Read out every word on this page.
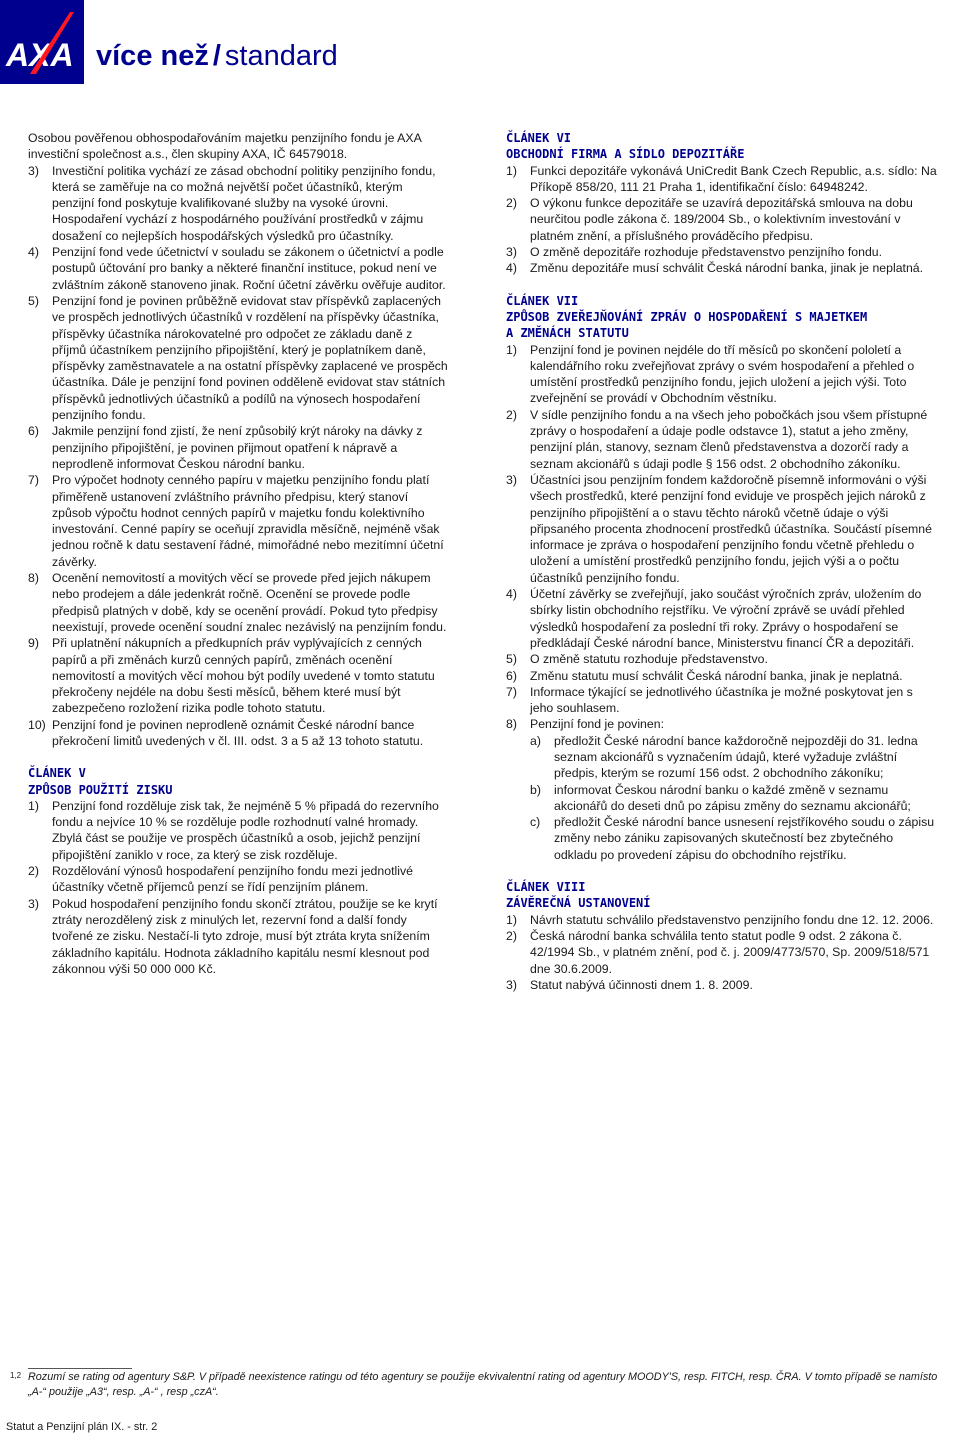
AXA více než / standard

Osobou pověřenou obhospodařováním majetku penzijního fondu je AXA investiční společnost a.s., člen skupiny AXA, IČ 64579018.

3)	Investiční politika vychází ze zásad obchodní politiky penzijního fondu, která se zaměřuje na co možná největší počet účastníků, kterým penzijní fond poskytuje kvalifikované služby na vysoké úrovni. Hospodaření vychází z hospodárného používání prostředků v zájmu dosažení co nejlepších hospodářských výsledků pro účastníky.
4)	Penzijní fond vede účetnictví v souladu se zákonem o účetnictví a podle postupů účtování pro banky a některé finanční instituce, pokud není ve zvláštním zákoně stanoveno jinak. Roční účetní závěrku ověřuje auditor.
5)	Penzijní fond je povinen průběžně evidovat stav příspěvků zaplacených ve prospěch jednotlivých účastníků v rozdělení na příspěvky účastníka, příspěvky účastníka nárokovatelné pro odpočet ze základu daně z příjmů účastníkem penzijního připojištění, který je poplatníkem daně, příspěvky zaměstnavatele a na ostatní příspěvky zaplacené ve prospěch účastníka. Dále je penzijní fond povinen odděleně evidovat stav státních příspěvků jednotlivých účastníků a podílů na výnosech hospodaření penzijního fondu.
6)	Jakmile penzijní fond zjistí, že není způsobilý krýt nároky na dávky z penzijního připojištění, je povinen přijmout opatření k nápravě a neprodleně informovat Českou národní banku.
7)	Pro výpočet hodnoty cenného papíru v majetku penzijního fondu platí přiměřeně ustanovení zvláštního právního předpisu, který stanoví způsob výpočtu hodnot cenných papírů v majetku fondu kolektivního investování. Cenné papíry se oceňují zpravidla měsíčně, nejméně však jednou ročně k datu sestavení řádné, mimořádné nebo mezitímní účetní závěrky.
8)	Ocenění nemovitostí a movitých věcí se provede před jejich nákupem nebo prodejem a dále jedenkrát ročně. Ocenění se provede podle předpisů platných v době, kdy se ocenění provádí. Pokud tyto předpisy neexistují, provede ocenění soudní znalec nezávislý na penzijním fondu.
9)	Při uplatnění nákupních a předkupních práv vyplývajících z cenných papírů a při změnách kurzů cenných papírů, změnách ocenění nemovitostí a movitých věcí mohou být podíly uvedené v tomto statutu překročeny nejdéle na dobu šesti měsíců, během které musí být zabezpečeno rozložení rizika podle tohoto statutu.
10) Penzijní fond je povinen neprodleně oznámit České národní bance překročení limitů uvedených v čl. III. odst. 3 a 5 až 13 tohoto statutu.

ČLÁNEK V

ZPŮSOB POUŽITÍ ZISKU

1)	Penzijní fond rozděluje zisk tak, že nejméně 5 % připadá do rezervního fondu a nejvíce 10 % se rozděluje podle rozhodnutí valné hromady. Zbylá část se použije ve prospěch účastníků a osob, jejichž penzijní připojištění zaniklo v roce, za který se zisk rozděluje.
2)	Rozdělování výnosů hospodaření penzijního fondu mezi jednotlivé účastníky včetně příjemců penzí se řídí penzijním plánem.
3)	Pokud hospodaření penzijního fondu skončí ztrátou, použije se ke krytí ztráty nerozdělený zisk z minulých let, rezervní fond a další fondy tvořené ze zisku. Nestačí-li tyto zdroje, musí být ztráta kryta snížením základního kapitálu. Hodnota základního kapitálu nesmí klesnout pod zákonnou výši 50 000 000 Kč.

ČLÁNEK VI

OBCHODNÍ FIRMA A SÍDLO DEPOZITÁŘE

1)	Funkci depozitáře vykonává UniCredit Bank Czech Republic, a.s. sídlo: Na Příkopě 858/20, 111 21 Praha 1, identifikační číslo: 64948242.
2)	O výkonu funkce depozitáře se uzavírá depozitářská smlouva na dobu neurčitou podle zákona č. 189/2004 Sb., o kolektivním investování v platném znění, a příslušného prováděcího předpisu.
3)	O změně depozitáře rozhoduje představenstvo penzijního fondu.
4)	Změnu depozitáře musí schválit Česká národní banka, jinak je neplatná.

ČLÁNEK VII

ZPŮSOB ZVEŘEJŇOVÁNÍ ZPRÁV O HOSPODAŘENÍ S MAJETKEM

A ZMĚNÁCH STATUTU

1)	Penzijní fond je povinen nejdéle do tří měsíců po skončení pololetí a kalendářního roku zveřejňovat zprávy o svém hospodaření a přehled o umístění prostředků penzijního fondu, jejich uložení a jejich výši. Toto zveřejnění se provádí v Obchodním věstníku.
2)	V sídle penzijního fondu a na všech jeho pobočkách jsou všem přístupné zprávy o hospodaření a údaje podle odstavce 1), statut a jeho změny, penzijní plán, stanovy, seznam členů představenstva a dozorčí rady a seznam akcionářů s údaji podle § 156 odst. 2 obchodního zákoníku.
3)	Účastníci jsou penzijním fondem každoročně písemně informováni o výši všech prostředků, které penzijní fond eviduje ve prospěch jejich nároků z penzijního připojištění a o stavu těchto nároků včetně údaje o výši připsaného procenta zhodnocení prostředků účastníka. Součástí písemné informace je zpráva o hospodaření penzijního fondu včetně přehledu o uložení a umístění prostředků penzijního fondu, jejich výši a o počtu účastníků penzijního fondu.
4)	Účetní závěrky se zveřejňují, jako součást výročních zpráv, uložením do sbírky listin obchodního rejstříku. Ve výroční zprávě se uvádí přehled výsledků hospodaření za poslední tři roky. Zprávy o hospodaření se předkládají České národní bance, Ministerstvu financí ČR a depozitáři.
5)	O změně statutu rozhoduje představenstvo.
6)	Změnu statutu musí schválit Česká národní banka, jinak je neplatná.
7)	Informace týkající se jednotlivého účastníka je možné poskytovat jen s jeho souhlasem.
8)	Penzijní fond je povinen:
a)	předložit České národní bance každoročně nejpozději do 31. ledna seznam akcionářů s vyznačením údajů, které vyžaduje zvláštní předpis, kterým se rozumí 156 odst. 2 obchodního zákoníku;
b)	informovat Českou národní banku o každé změně v seznamu akcionářů do deseti dnů po zápisu změny do seznamu akcionářů;
c)	předložit České národní bance usnesení rejstříkového soudu o zápisu změny nebo zániku zapisovaných skutečností bez zbytečného odkladu po provedení zápisu do obchodního rejstříku.

ČLÁNEK VIII

ZÁVĚREČNÁ USTANOVENÍ

1)	Návrh statutu schválilo představenstvo penzijního fondu dne 12. 12. 2006.
2)	Česká národní banka schválila tento statut podle 9 odst. 2 zákona č. 42/1994 Sb., v platném znění, pod č. j. 2009/4773/570, Sp. 2009/518/571 dne 30.6.2009.
3)	Statut nabývá účinnosti dnem 1. 8. 2009.
1,2 Rozumí se rating od agentury S&P. V případě neexistence ratingu od této agentury se použije ekvivalentní rating od agentury MOODY'S, resp. FITCH, resp. ČRA. V tomto případě se namísto „A-“ použije „A3“, resp. „A-“ , resp „czA“.
Statut a Penzijní plán IX. - str. 2
